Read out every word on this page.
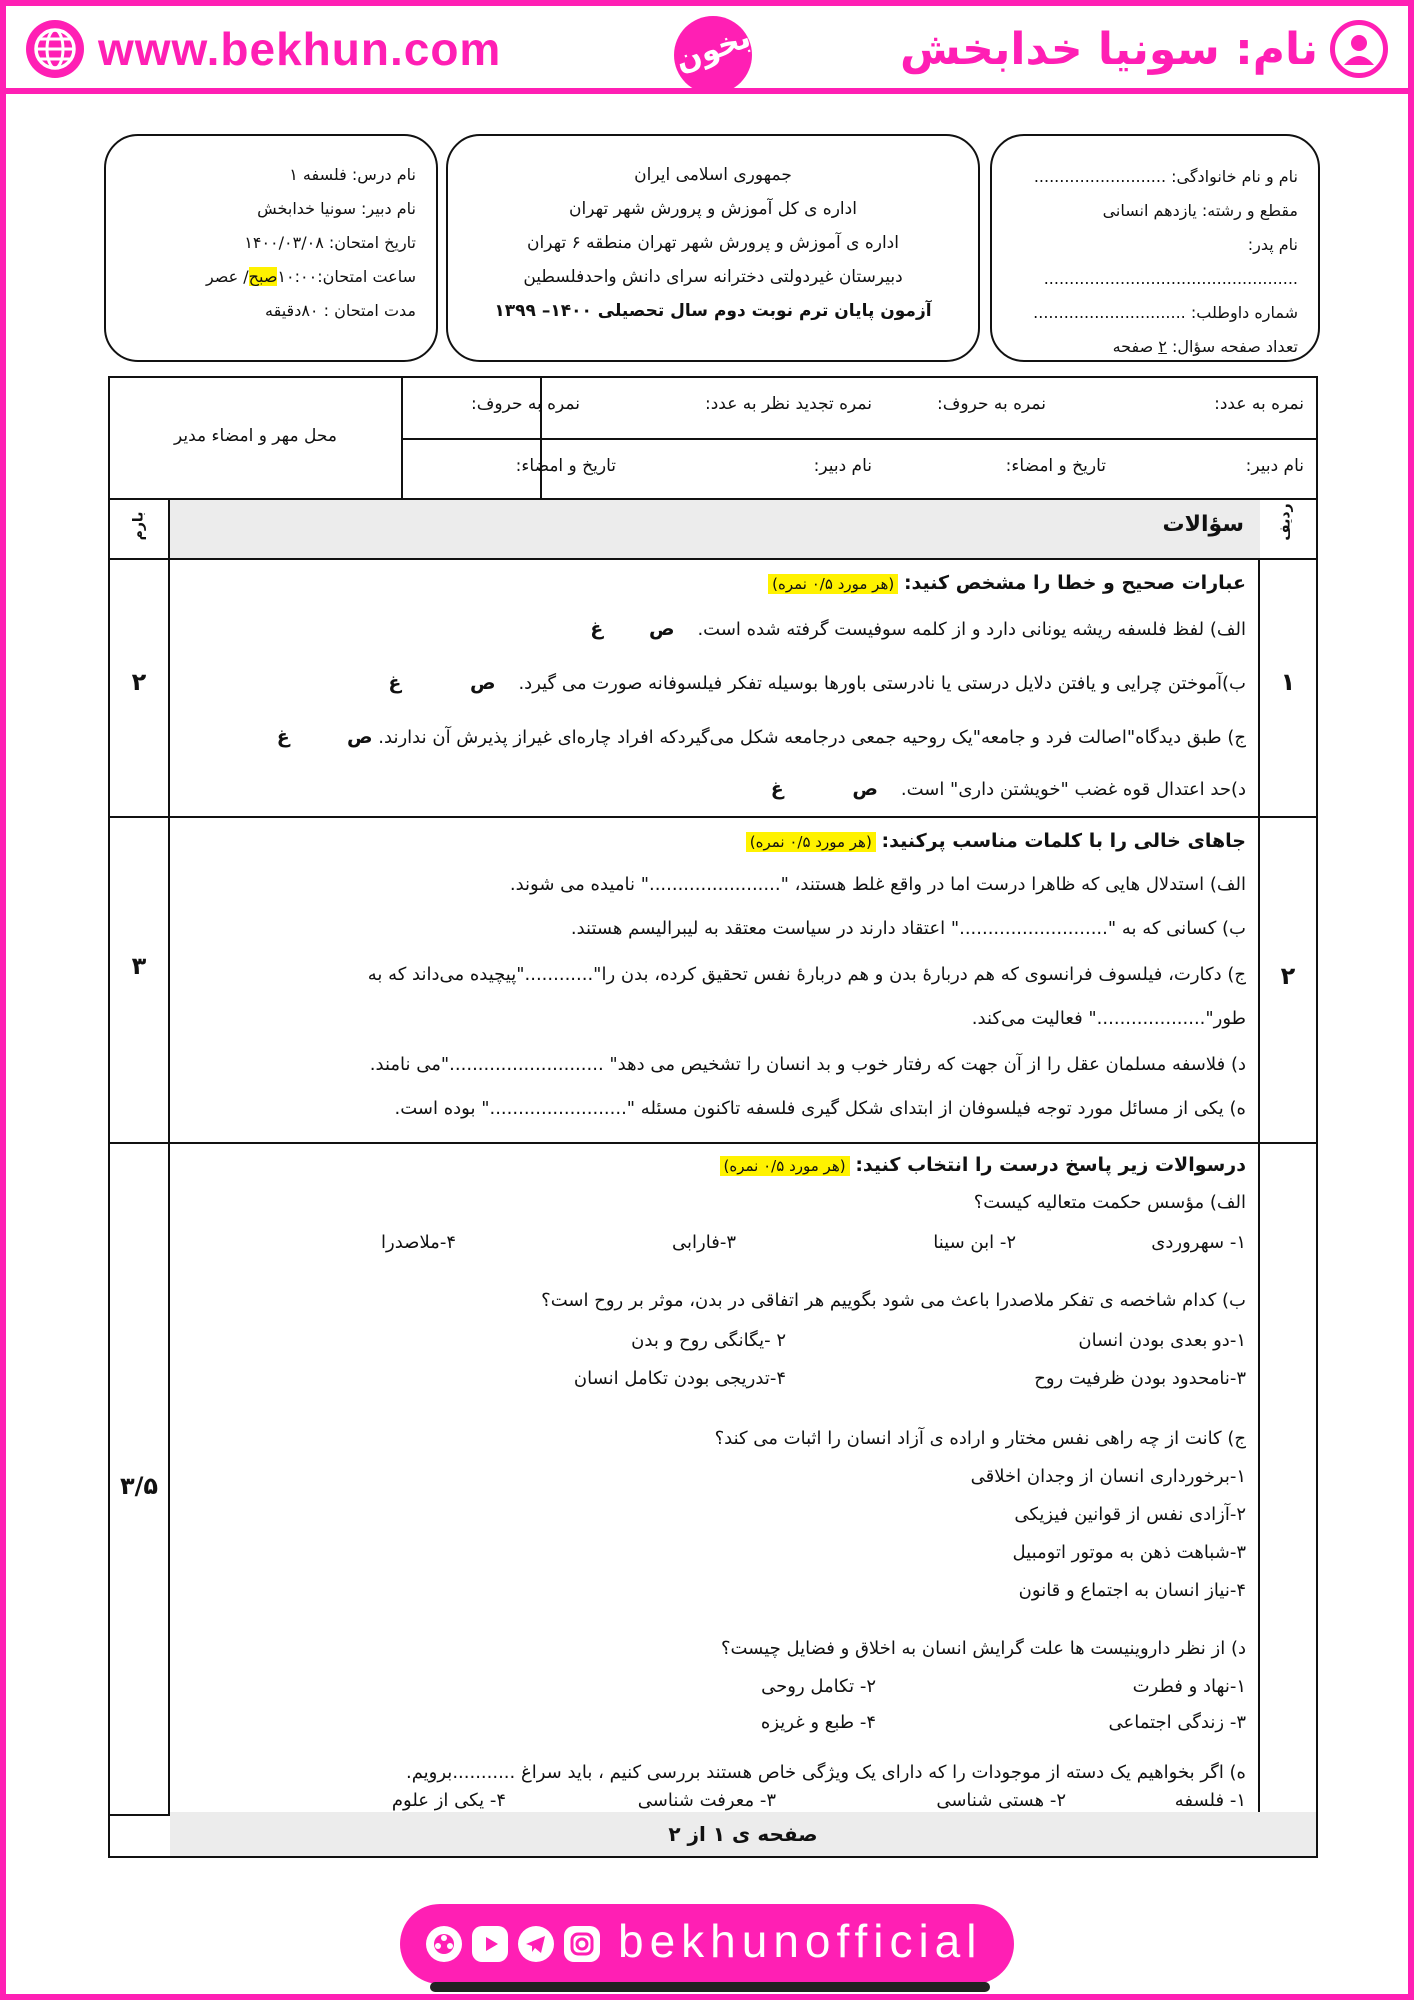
www.bekhun.com	بخون	نام: سونیا خدابخش
نام و نام خانوادگی: ..........................
مقطع و رشته: یازدهم انسانی
نام پدر: ..................................................
شماره داوطلب: ..............................
تعداد صفحه سؤال: ۲ صفحه
جمهوری اسلامی ایران
اداره ی کل آموزش و پرورش شهر تهران
اداره ی آموزش و پرورش شهر تهران منطقه ۶ تهران
دبیرستان غیردولتی دخترانه سرای دانش واحدفلسطین
آزمون پایان ترم نوبت دوم سال تحصیلی ۱۴۰۰– ۱۳۹۹
نام درس: فلسفه ۱
نام دبیر: سونیا خدابخش
تاریخ امتحان: ۱۴۰۰/۰۳/۰۸
ساعت امتحان:۱۰:۰۰صبح/ عصر
مدت امتحان : ۸۰دقیقه
نمره به عدد:
نمره به حروف:
نام دبیر:
تاریخ و امضاء:
نمره تجدید نظر به عدد:
نمره به حروف:
نام دبیر:
تاریخ و امضاء:
محل مهر و امضاء مدیر
سؤالات ردیف
بارم
۱
۲
عبارات صحیح و خطا را مشخص کنید: (هر مورد ۰/۵ نمره)
الف) لفظ فلسفه ریشه یونانی دارد و از کلمه سوفیست گرفته شده است.    ص        غ
ب)آموختن چرایی و یافتن دلایل درستی یا نادرستی باورها بوسیله تفکر فیلسوفانه صورت می گیرد.    ص            غ
ج) طبق دیدگاه"اصالت فرد و جامعه"یک روحیه جمعی درجامعه شکل می‌گیردکه افراد چاره‌ای غیراز پذیرش آن ندارند. ص          غ
د)حد اعتدال قوه غضب "خویشتن داری" است.    ص            غ
۲
۳
جاهای خالی را با کلمات مناسب پرکنید: (هر مورد ۰/۵ نمره)
الف) استدلال هایی که ظاهرا درست اما در واقع غلط هستند، "......................." نامیده می شوند.
ب) کسانی که به ".........................." اعتقاد دارند در سیاست معتقد به لیبرالیسم هستند.
ج) دکارت، فیلسوف فرانسوی که هم دربارۀ بدن و هم دربارۀ نفس تحقیق کرده، بدن را"............"پیچیده می‌داند که به
طور"..................." فعالیت می‌کند.
د) فلاسفه مسلمان عقل را از آن جهت که رفتار خوب و بد انسان را تشخیص می دهد" ..........................."می نامند.
ه) یکی از مسائل مورد توجه فیلسوفان از ابتدای شکل گیری فلسفه تاکنون مسئله "........................" بوده است.
۳/۵
درسوالات زیر پاسخ درست را انتخاب کنید: (هر مورد ۰/۵ نمره)
الف) مؤسس حکمت متعالیه کیست؟
۱- سهروردی
۲- ابن سینا
۳-فارابی
۴-ملاصدرا
ب) کدام شاخصه ی تفکر ملاصدرا باعث می شود بگوییم هر اتفاقی در بدن، موثر بر روح است؟
۱-دو بعدی بودن انسان
۲ -یگانگی روح و بدن
۳-نامحدود بودن ظرفیت روح
۴-تدریجی بودن تکامل انسان
ج) کانت از چه راهی نفس مختار و اراده ی آزاد انسان را اثبات می کند؟
۱-برخورداری انسان از وجدان اخلاقی
۲-آزادی نفس از قوانین فیزیکی
۳-شباهت ذهن به موتور اتومبیل
۴-نیاز انسان به اجتماع و قانون
د) از نظر داروینیست ها علت گرایش انسان به اخلاق و فضایل چیست؟
۱-نهاد و فطرت
۲- تکامل روحی
۳- زندگی اجتماعی
۴- طبع و غریزه
ه) اگر بخواهیم یک دسته از موجودات را که دارای یک ویژگی خاص هستند بررسی کنیم ، باید سراغ ...........برویم.
۱- فلسفه
۲- هستی شناسی
۳- معرفت شناسی
۴- یکی از علوم
صفحه ی ۱ از ۲
bekhunofficial
